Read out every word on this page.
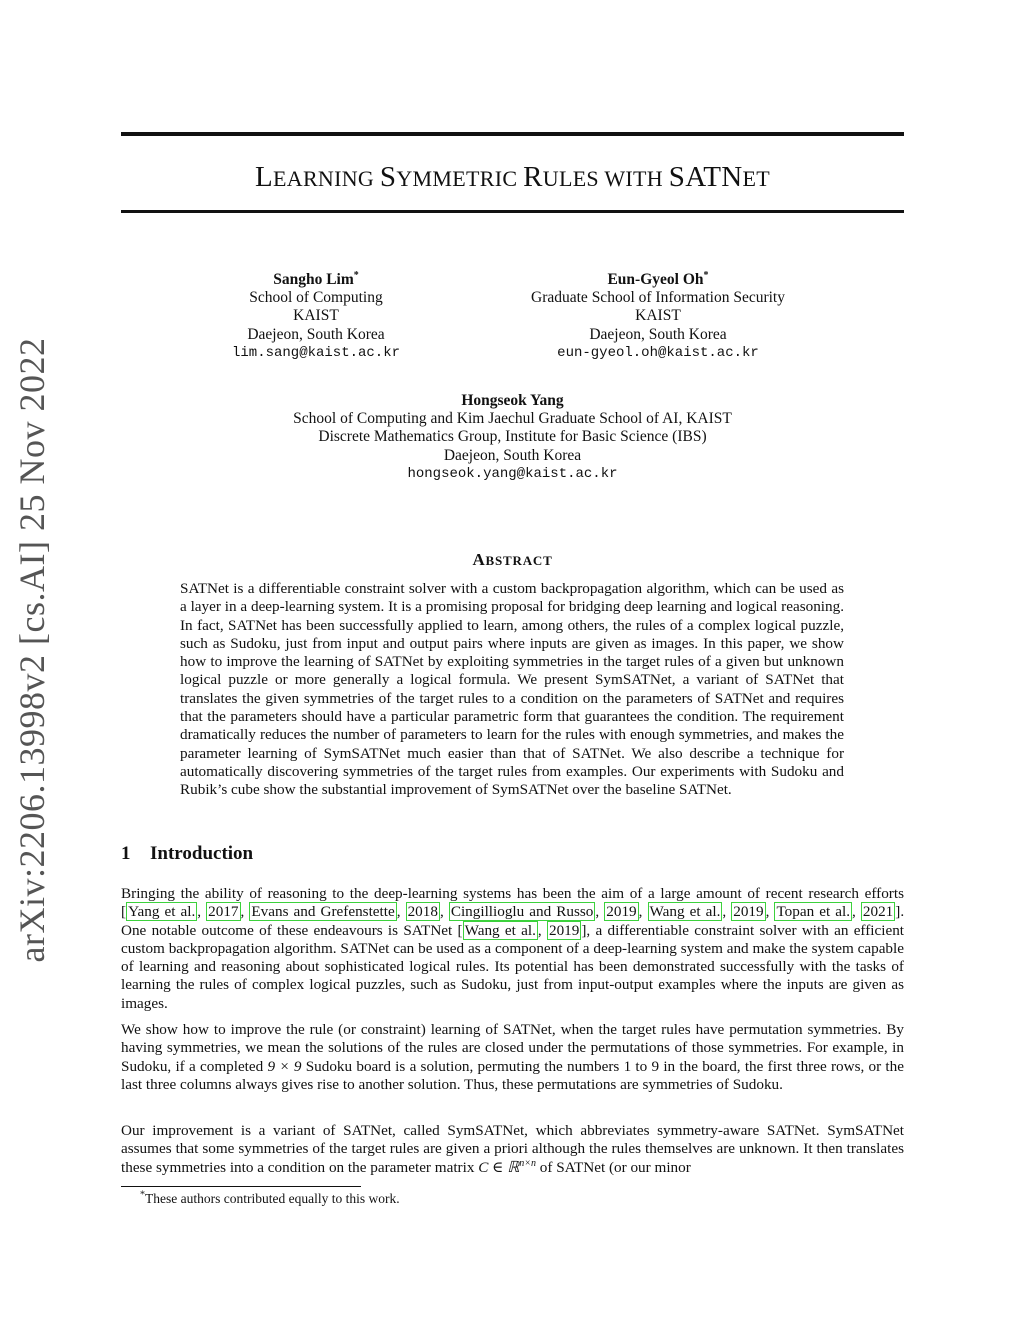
arXiv:2206.13998v2 [cs.AI] 25 Nov 2022
LEARNING SYMMETRIC RULES WITH SATNET
Sangho Lim*
School of Computing
KAIST
Daejeon, South Korea
lim.sang@kaist.ac.kr
Eun-Gyeol Oh*
Graduate School of Information Security
KAIST
Daejeon, South Korea
eun-gyeol.oh@kaist.ac.kr
Hongseok Yang
School of Computing and Kim Jaechul Graduate School of AI, KAIST
Discrete Mathematics Group, Institute for Basic Science (IBS)
Daejeon, South Korea
hongseok.yang@kaist.ac.kr
ABSTRACT
SATNet is a differentiable constraint solver with a custom backpropagation algorithm, which can be used as a layer in a deep-learning system. It is a promising proposal for bridging deep learning and logical reasoning. In fact, SATNet has been successfully applied to learn, among others, the rules of a complex logical puzzle, such as Sudoku, just from input and output pairs where inputs are given as images. In this paper, we show how to improve the learning of SATNet by exploiting symmetries in the target rules of a given but unknown logical puzzle or more generally a logical formula. We present SymSATNet, a variant of SATNet that translates the given symmetries of the target rules to a condition on the parameters of SATNet and requires that the parameters should have a particular parametric form that guarantees the condition. The requirement dramatically reduces the number of parameters to learn for the rules with enough symmetries, and makes the parameter learning of SymSATNet much easier than that of SATNet. We also describe a technique for automatically discovering symmetries of the target rules from examples. Our experiments with Sudoku and Rubik’s cube show the substantial improvement of SymSATNet over the baseline SATNet.
1 Introduction

Bringing the ability of reasoning to the deep-learning systems has been the aim of a large amount of recent research efforts [ Yang et al. , 2017 , Evans and Grefenstette , 2018 , Cingillioglu and Russo , 2019 , Wang et al. , 2019 , Topan et al. , 2021 ]. One notable outcome of these endeavours is SATNet [ Wang et al. , 2019 ], a differentiable constraint solver with an efficient custom backpropagation algorithm. SATNet can be used as a component of a deep-learning system and make the system capable of learning and reasoning about sophisticated logical rules. Its potential has been demonstrated successfully with the tasks of learning the rules of complex logical puzzles, such as Sudoku, just from input-output examples where the inputs are given as images.

We show how to improve the rule (or constraint) learning of SATNet, when the target rules have permutation symmetries. By having symmetries, we mean the solutions of the rules are closed under the permutations of those symmetries. For example, in Sudoku, if a completed 9 × 9 Sudoku board is a solution, permuting the numbers 1 to 9 in the board, the first three rows, or the last three columns always gives rise to another solution. Thus, these permutations are symmetries of Sudoku.

Our improvement is a variant of SATNet, called SymSATNet, which abbreviates symmetry-aware SATNet. SymSATNet assumes that some symmetries of the target rules are given a priori although the rules themselves are unknown. It then translates these symmetries into a condition on the parameter matrix C ∈ ℝ$^{n\times n}$ of SATNet (or our minor

*These authors contributed equally to this work.
